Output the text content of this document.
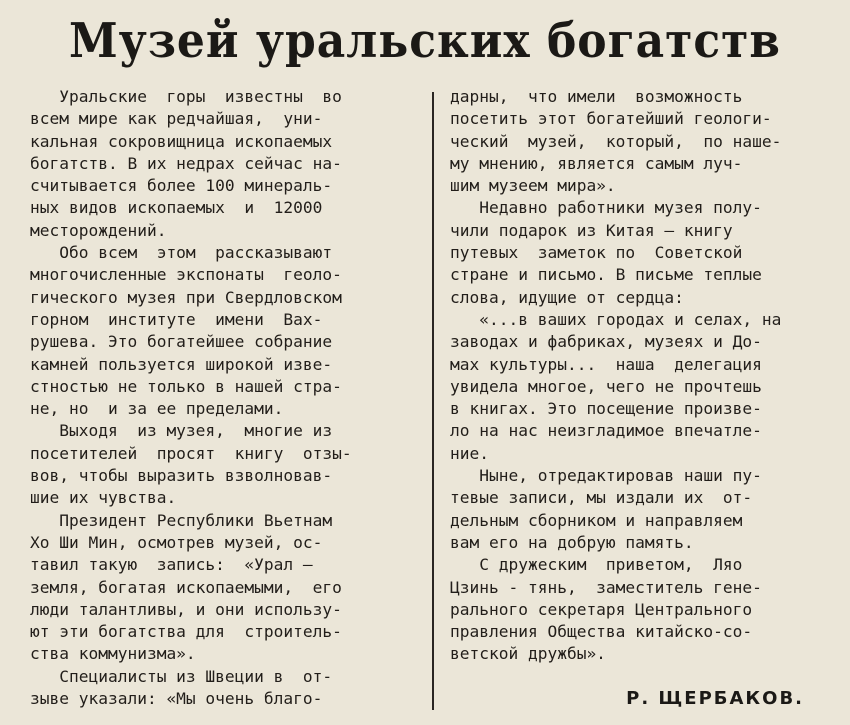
Музей уральских богатств
Уральские  горы  известны  во
всем мире как редчайшая,  уни-
кальная сокровищница ископаемых
богатств. В их недрах сейчас на-
считывается более 100 минераль-
ных видов ископаемых  и  12000
месторождений.
Обо всем  этом  рассказывают
многочисленные экспонаты  геоло-
гического музея при Свердловском
горном  институте  имени  Вах-
рушева. Это богатейшее собрание
камней пользуется широкой изве-
стностью не только в нашей стра-
не, но  и за ее пределами.
Выходя  из музея,  многие из
посетителей  просят  книгу  отзы-
вов, чтобы выразить взволновав-
шие их чувства.
Президент Республики Вьетнам
Хо Ши Мин, осмотрев музей, ос-
тавил такую  запись:  «Урал —
земля, богатая ископаемыми,  его
люди талантливы, и они использу-
ют эти богатства для  строитель-
ства коммунизма».
Специалисты из Швеции в  от-
зыве указали: «Мы очень благо-
дарны,  что имели  возможность
посетить этот богатейший геологи-
ческий  музей,  который,  по наше-
му мнению, является самым луч-
шим музеем мира».
Недавно работники музея полу-
чили подарок из Китая — книгу
путевых  заметок по  Советской
стране и письмо. В письме теплые
слова, идущие от сердца:
«...в ваших городах и селах, на
заводах и фабриках, музеях и До-
мах культуры...  наша  делегация
увидела многое, чего не прочтешь
в книгах. Это посещение произве-
ло на нас неизгладимое впечатле-
ние.
Ныне, отредактировав наши пу-
тевые записи, мы издали их  от-
дельным сборником и направляем
вам его на добрую память.
С дружеским  приветом,  Ляо
Цзинь - тянь,  заместитель гене-
рального секретаря Центрального
правления Общества китайско-со-
ветской дружбы».
Р. ЩЕРБАКОВ.
